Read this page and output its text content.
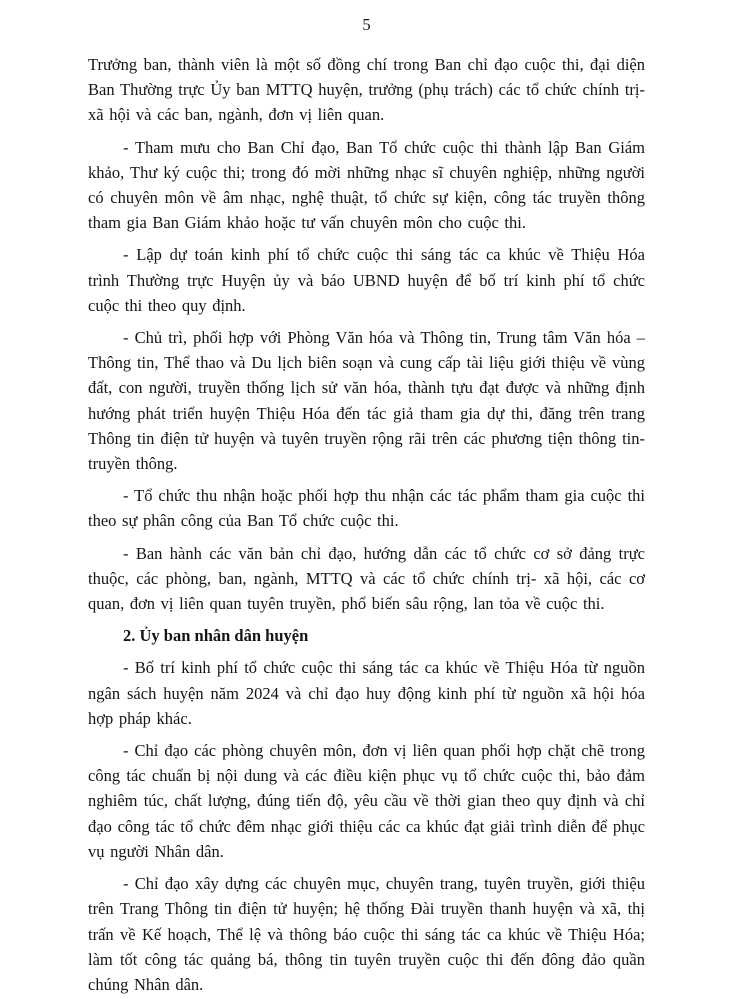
5

Trưởng ban, thành viên là một số đồng chí trong Ban chỉ đạo cuộc thi, đại diện Ban Thường trực Ủy ban MTTQ huyện, trưởng (phụ trách) các tổ chức chính trị-xã hội và các ban, ngành, đơn vị liên quan.

- Tham mưu cho Ban Chỉ đạo, Ban Tổ chức cuộc thi thành lập Ban Giám khảo, Thư ký cuộc thi; trong đó mời những nhạc sĩ chuyên nghiệp, những người có chuyên môn về âm nhạc, nghệ thuật, tổ chức sự kiện, công tác truyền thông tham gia Ban Giám khảo hoặc tư vấn chuyên môn cho cuộc thi.

- Lập dự toán kinh phí tổ chức cuộc thi sáng tác ca khúc về Thiệu Hóa trình Thường trực Huyện ủy và báo UBND huyện để bố trí kinh phí tổ chức cuộc thi theo quy định.

- Chủ trì, phối hợp với Phòng Văn hóa và Thông tin, Trung tâm Văn hóa – Thông tin, Thể thao và Du lịch biên soạn và cung cấp tài liệu giới thiệu về vùng đất, con người, truyền thống lịch sử văn hóa, thành tựu đạt được và những định hướng phát triển huyện Thiệu Hóa đến tác giả tham gia dự thi, đăng trên trang Thông tin điện tử huyện và tuyên truyền rộng rãi trên các phương tiện thông tin-truyền thông.

- Tổ chức thu nhận hoặc phối hợp thu nhận các tác phẩm tham gia cuộc thi theo sự phân công của Ban Tổ chức cuộc thi.

- Ban hành các văn bản chỉ đạo, hướng dẫn các tổ chức cơ sở đảng trực thuộc, các phòng, ban, ngành, MTTQ và các tổ chức chính trị- xã hội, các cơ quan, đơn vị liên quan tuyên truyền, phổ biến sâu rộng, lan tỏa về cuộc thi.

2. Ủy ban nhân dân huyện

- Bố trí kinh phí tổ chức cuộc thi sáng tác ca khúc về Thiệu Hóa từ nguồn ngân sách huyện năm 2024 và chỉ đạo huy động kinh phí từ nguồn xã hội hóa hợp pháp khác.

- Chỉ đạo các phòng chuyên môn, đơn vị liên quan phối hợp chặt chẽ trong công tác chuẩn bị nội dung và các điều kiện phục vụ tổ chức cuộc thi, bảo đảm nghiêm túc, chất lượng, đúng tiến độ, yêu cầu về thời gian theo quy định và chỉ đạo công tác tổ chức đêm nhạc giới thiệu các ca khúc đạt giải trình diễn để phục vụ người Nhân dân.

- Chỉ đạo xây dựng các chuyên mục, chuyên trang, tuyên truyền, giới thiệu trên Trang Thông tin điện tử huyện; hệ thống Đài truyền thanh huyện và xã, thị trấn về Kế hoạch, Thể lệ và thông báo cuộc thi sáng tác ca khúc về Thiệu Hóa; làm tốt công tác quảng bá, thông tin tuyên truyền cuộc thi đến đông đảo quần chúng Nhân dân.
